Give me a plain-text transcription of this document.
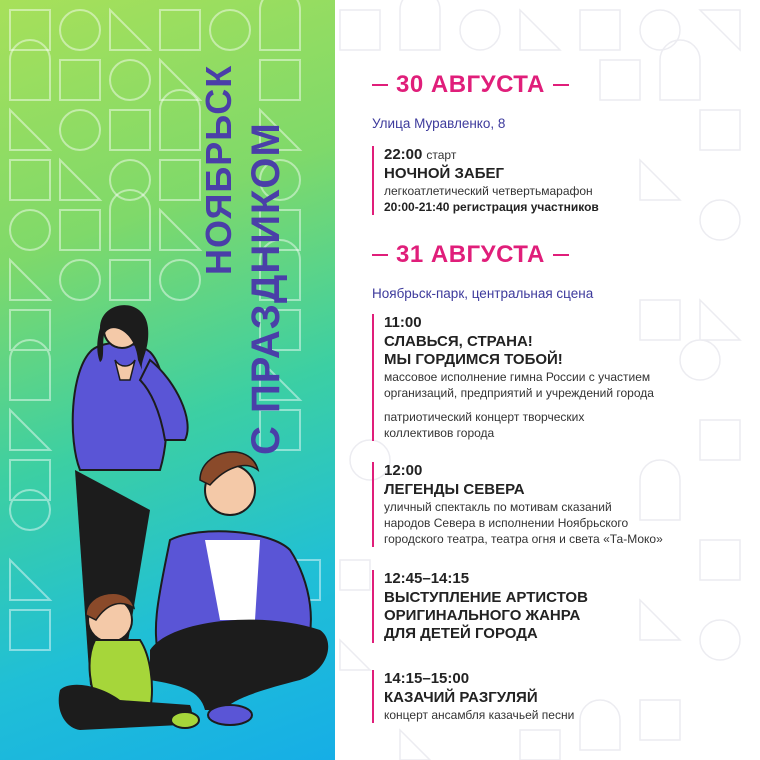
НОЯБРЬСК С ПРАЗДНИКОМ
30 АВГУСТА
Улица Муравленко, 8
22:00 старт
НОЧНОЙ ЗАБЕГ
легкоатлетический четвертьмарафон
20:00-21:40 регистрация участников
31 АВГУСТА
Ноябрьск-парк, центральная сцена
11:00
СЛАВЬСЯ, СТРАНА!
МЫ ГОРДИМСЯ ТОБОЙ!
массовое исполнение гимна России с участием
организаций, предприятий и учреждений города
патриотический концерт творческих
коллективов города
12:00
ЛЕГЕНДЫ СЕВЕРА
уличный спектакль по мотивам сказаний
народов Севера в исполнении Ноябрьского
городского театра, театра огня и света «Та-Моко»
12:45–14:15
ВЫСТУПЛЕНИЕ АРТИСТОВ
ОРИГИНАЛЬНОГО ЖАНРА
ДЛЯ ДЕТЕЙ ГОРОДА
14:15–15:00
КАЗАЧИЙ РАЗГУЛЯЙ
концерт ансамбля казачьей песни
